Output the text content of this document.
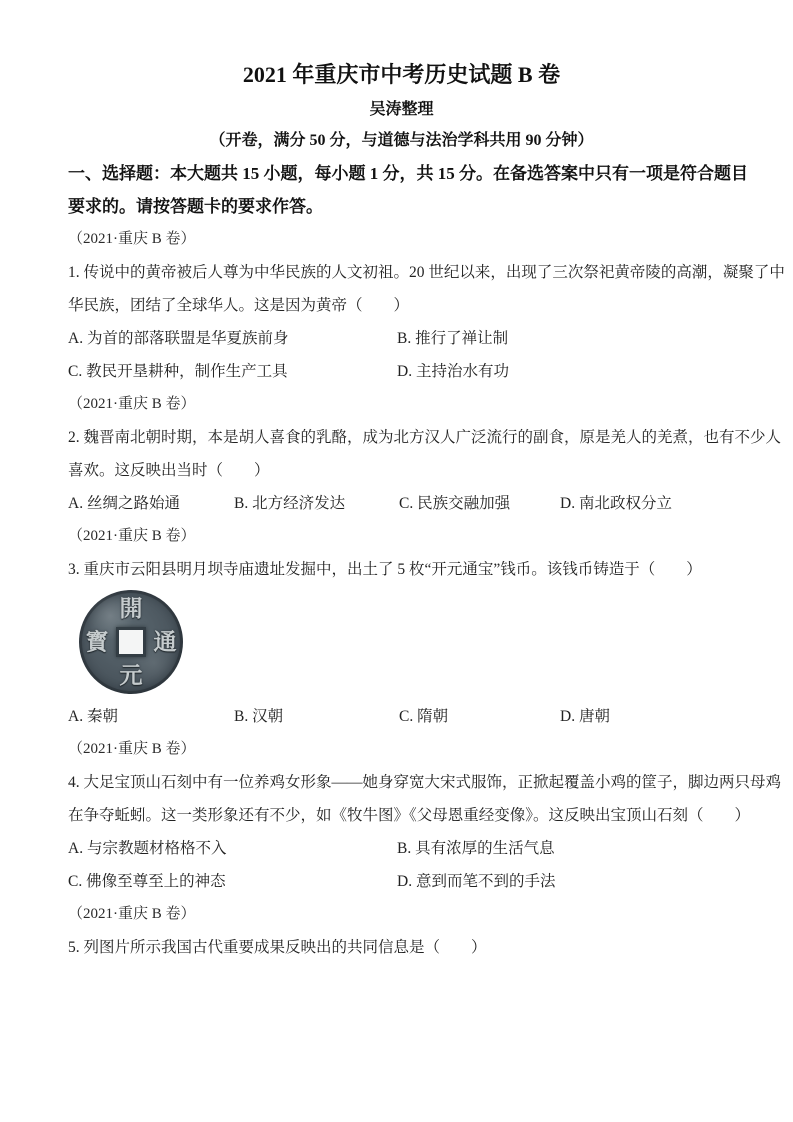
2021 年重庆市中考历史试题 B 卷
吴涛整理
（开卷，满分 50 分，与道德与法治学科共用 90 分钟）
一、选择题：本大题共 15 小题，每小题 1 分，共 15 分。在备选答案中只有一项是符合题目
要求的。请按答题卡的要求作答。
（2021·重庆 B 卷）
1. 传说中的黄帝被后人尊为中华民族的人文初祖。20 世纪以来，出现了三次祭祀黄帝陵的高潮，凝聚了中
华民族，团结了全球华人。这是因为黄帝（　　）
A. 为首的部落联盟是华夏族前身	B. 推行了禅让制
C. 教民开垦耕种，制作生产工具	D. 主持治水有功
（2021·重庆 B 卷）
2. 魏晋南北朝时期，本是胡人喜食的乳酪，成为北方汉人广泛流行的副食，原是羌人的羌煮，也有不少人
喜欢。这反映出当时（　　）
A. 丝绸之路始通	B. 北方经济发达	C. 民族交融加强	D. 南北政权分立
（2021·重庆 B 卷）
3. 重庆市云阳县明月坝寺庙遗址发掘中，出土了 5 枚“开元通宝”钱币。该钱币铸造于（　　）
開
元
寳	通
A. 秦朝	B. 汉朝	C. 隋朝	D. 唐朝
（2021·重庆 B 卷）
4. 大足宝顶山石刻中有一位养鸡女形象——她身穿宽大宋式服饰，正掀起覆盖小鸡的筐子，脚边两只母鸡
在争夺蚯蚓。这一类形象还有不少，如《牧牛图》《父母恩重经变像》。这反映出宝顶山石刻（　　）
A. 与宗教题材格格不入	B. 具有浓厚的生活气息
C. 佛像至尊至上的神态	D. 意到而笔不到的手法
（2021·重庆 B 卷）
5. 列图片所示我国古代重要成果反映出的共同信息是（　　）
